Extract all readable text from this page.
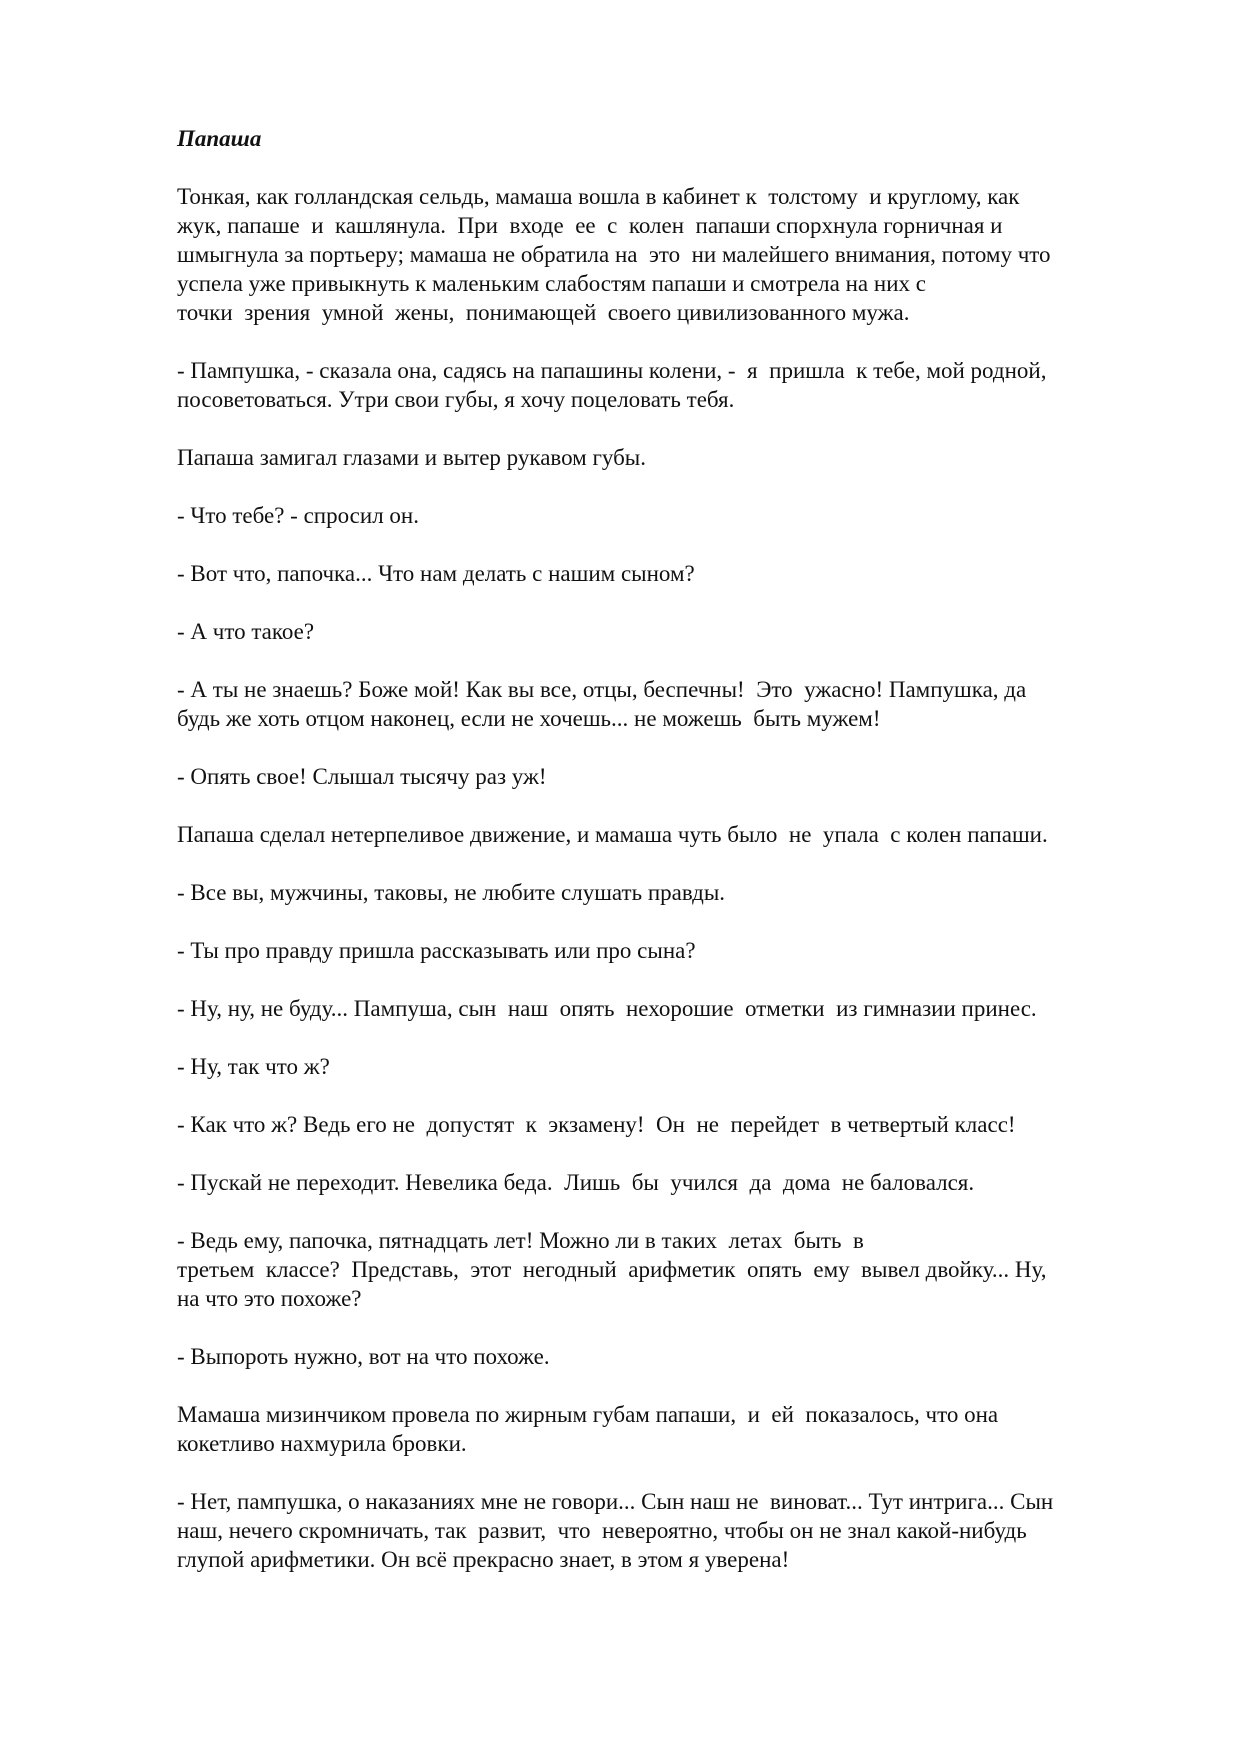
Папаша
Тонкая, как голландская сельдь, мамаша вошла в кабинет к  толстому  и круглому, как
жук, папаше  и  кашлянула.  При  входе  ее  с  колен  папаши спорхнула горничная и
шмыгнула за портьеру; мамаша не обратила на  это  ни малейшего внимания, потому что
успела уже привыкнуть к маленьким слабостям папаши и смотрела на них с
точки  зрения  умной  жены,  понимающей  своего цивилизованного мужа.
- Пампушка, - сказала она, садясь на папашины колени, -  я  пришла  к тебе, мой родной,
посоветоваться. Утри свои губы, я хочу поцеловать тебя.
Папаша замигал глазами и вытер рукавом губы.
- Что тебе? - спросил он.
- Вот что, папочка... Что нам делать с нашим сыном?
- А что такое?
- А ты не знаешь? Боже мой! Как вы все, отцы, беспечны!  Это  ужасно! Пампушка, да
будь же хоть отцом наконец, если не хочешь... не можешь  быть мужем!
- Опять свое! Слышал тысячу раз уж!
Папаша сделал нетерпеливое движение, и мамаша чуть было  не  упала  с колен папаши.
- Все вы, мужчины, таковы, не любите слушать правды.
- Ты про правду пришла рассказывать или про сына?
- Ну, ну, не буду... Пампуша, сын  наш  опять  нехорошие  отметки  из гимназии принес.
- Ну, так что ж?
- Как что ж? Ведь его не  допустят  к  экзамену!  Он  не  перейдет  в четвертый класс!
- Пускай не переходит. Невелика беда.  Лишь  бы  учился  да  дома  не баловался.
- Ведь ему, папочка, пятнадцать лет! Можно ли в таких  летах  быть  в
третьем  классе?  Представь,  этот  негодный  арифметик  опять  ему  вывел двойку... Ну,
на что это похоже?
- Выпороть нужно, вот на что похоже.
Мамаша мизинчиком провела по жирным губам папаши,  и  ей  показалось, что она
кокетливо нахмурила бровки.
- Нет, пампушка, о наказаниях мне не говори... Сын наш не  виноват... Тут интрига... Сын
наш, нечего скромничать, так  развит,  что  невероятно, чтобы он не знал какой-нибудь
глупой арифметики. Он всё прекрасно знает, в этом я уверена!
